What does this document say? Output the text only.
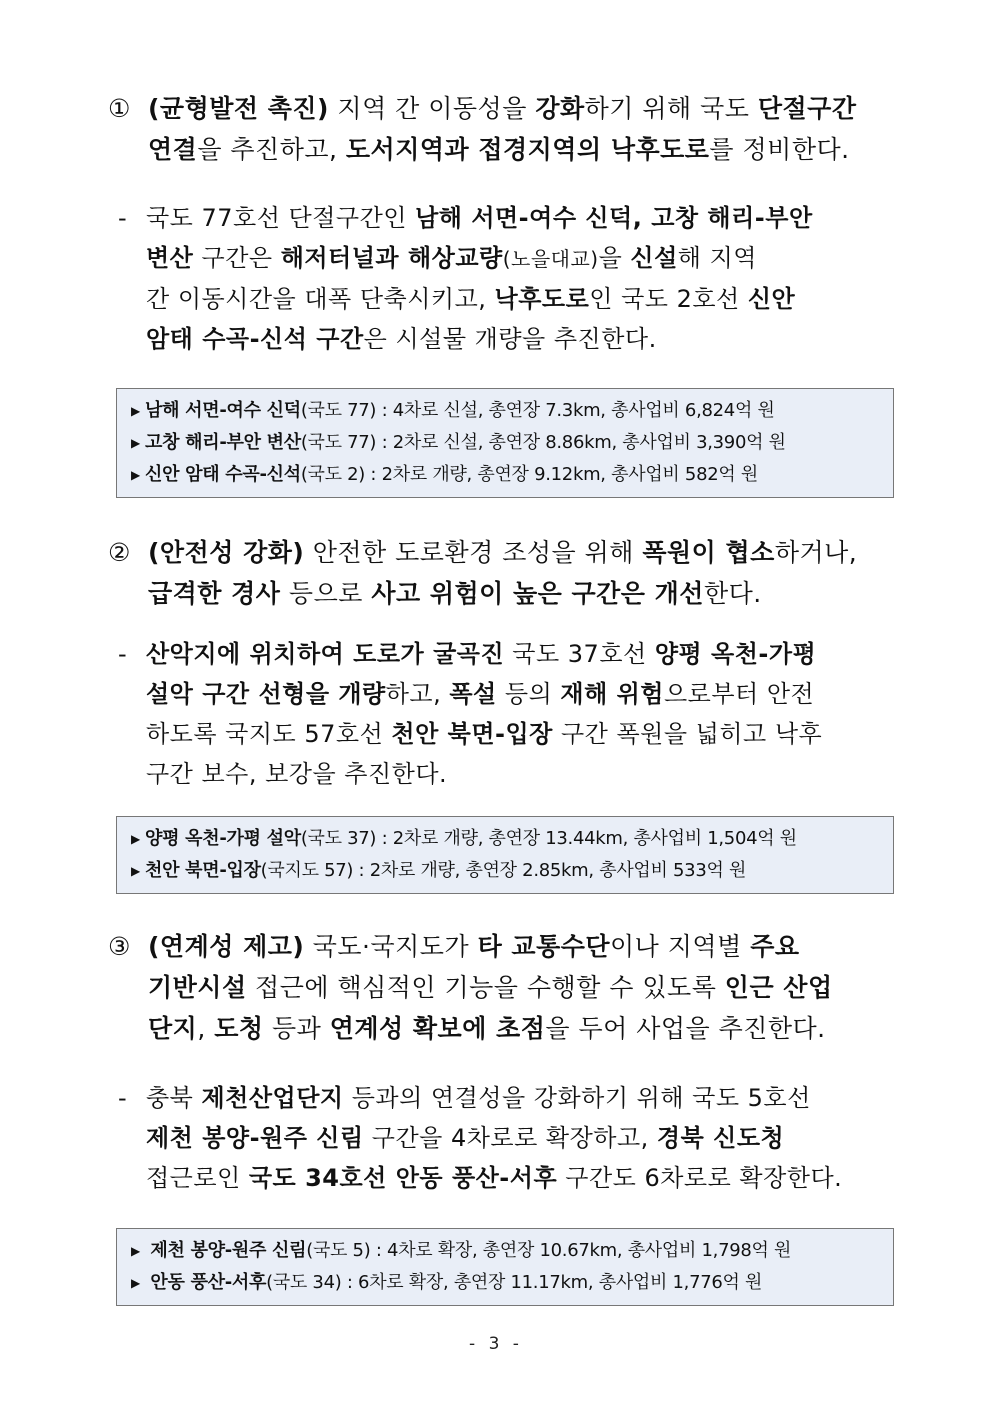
① (균형발전 촉진) 지역 간 이동성을 강화하기 위해 국도 단절구간
연결을 추진하고, 도서지역과 접경지역의 낙후도로를 정비한다.
- 국도 77호선 단절구간인 남해 서면-여수 신덕, 고창 해리-부안
변산 구간은 해저터널과 해상교량(노을대교)을 신설해 지역
간 이동시간을 대폭 단축시키고, 낙후도로인 국도 2호선 신안
암태 수곡-신석 구간은 시설물 개량을 추진한다.
▶ 남해 서면-여수 신덕(국도 77) : 4차로 신설, 총연장 7.3km, 총사업비 6,824억 원
▶ 고창 해리-부안 변산(국도 77) : 2차로 신설, 총연장 8.86km, 총사업비 3,390억 원
▶ 신안 암태 수곡-신석(국도 2) : 2차로 개량, 총연장 9.12km, 총사업비 582억 원
② (안전성 강화) 안전한 도로환경 조성을 위해 폭원이 협소하거나,
급격한 경사 등으로 사고 위험이 높은 구간은 개선한다.
- 산악지에 위치하여 도로가 굴곡진 국도 37호선 양평 옥천-가평
설악 구간 선형을 개량하고, 폭설 등의 재해 위험으로부터 안전
하도록 국지도 57호선 천안 북면-입장 구간 폭원을 넓히고 낙후
구간 보수, 보강을 추진한다.
▶ 양평 옥천-가평 설악(국도 37) : 2차로 개량, 총연장 13.44km, 총사업비 1,504억 원
▶ 천안 북면-입장(국지도 57) : 2차로 개량, 총연장 2.85km, 총사업비 533억 원
③ (연계성 제고) 국도·국지도가 타 교통수단이나 지역별 주요
기반시설 접근에 핵심적인 기능을 수행할 수 있도록 인근 산업
단지, 도청 등과 연계성 확보에 초점을 두어 사업을 추진한다.
- 충북 제천산업단지 등과의 연결성을 강화하기 위해 국도 5호선
제천 봉양-원주 신림 구간을 4차로로 확장하고, 경북 신도청
접근로인 국도 34호선 안동 풍산-서후 구간도 6차로로 확장한다.
▶ 제천 봉양-원주 신림(국도 5) : 4차로 확장, 총연장 10.67km, 총사업비 1,798억 원
▶ 안동 풍산-서후(국도 34) : 6차로 확장, 총연장 11.17km, 총사업비 1,776억 원
- 3 -
